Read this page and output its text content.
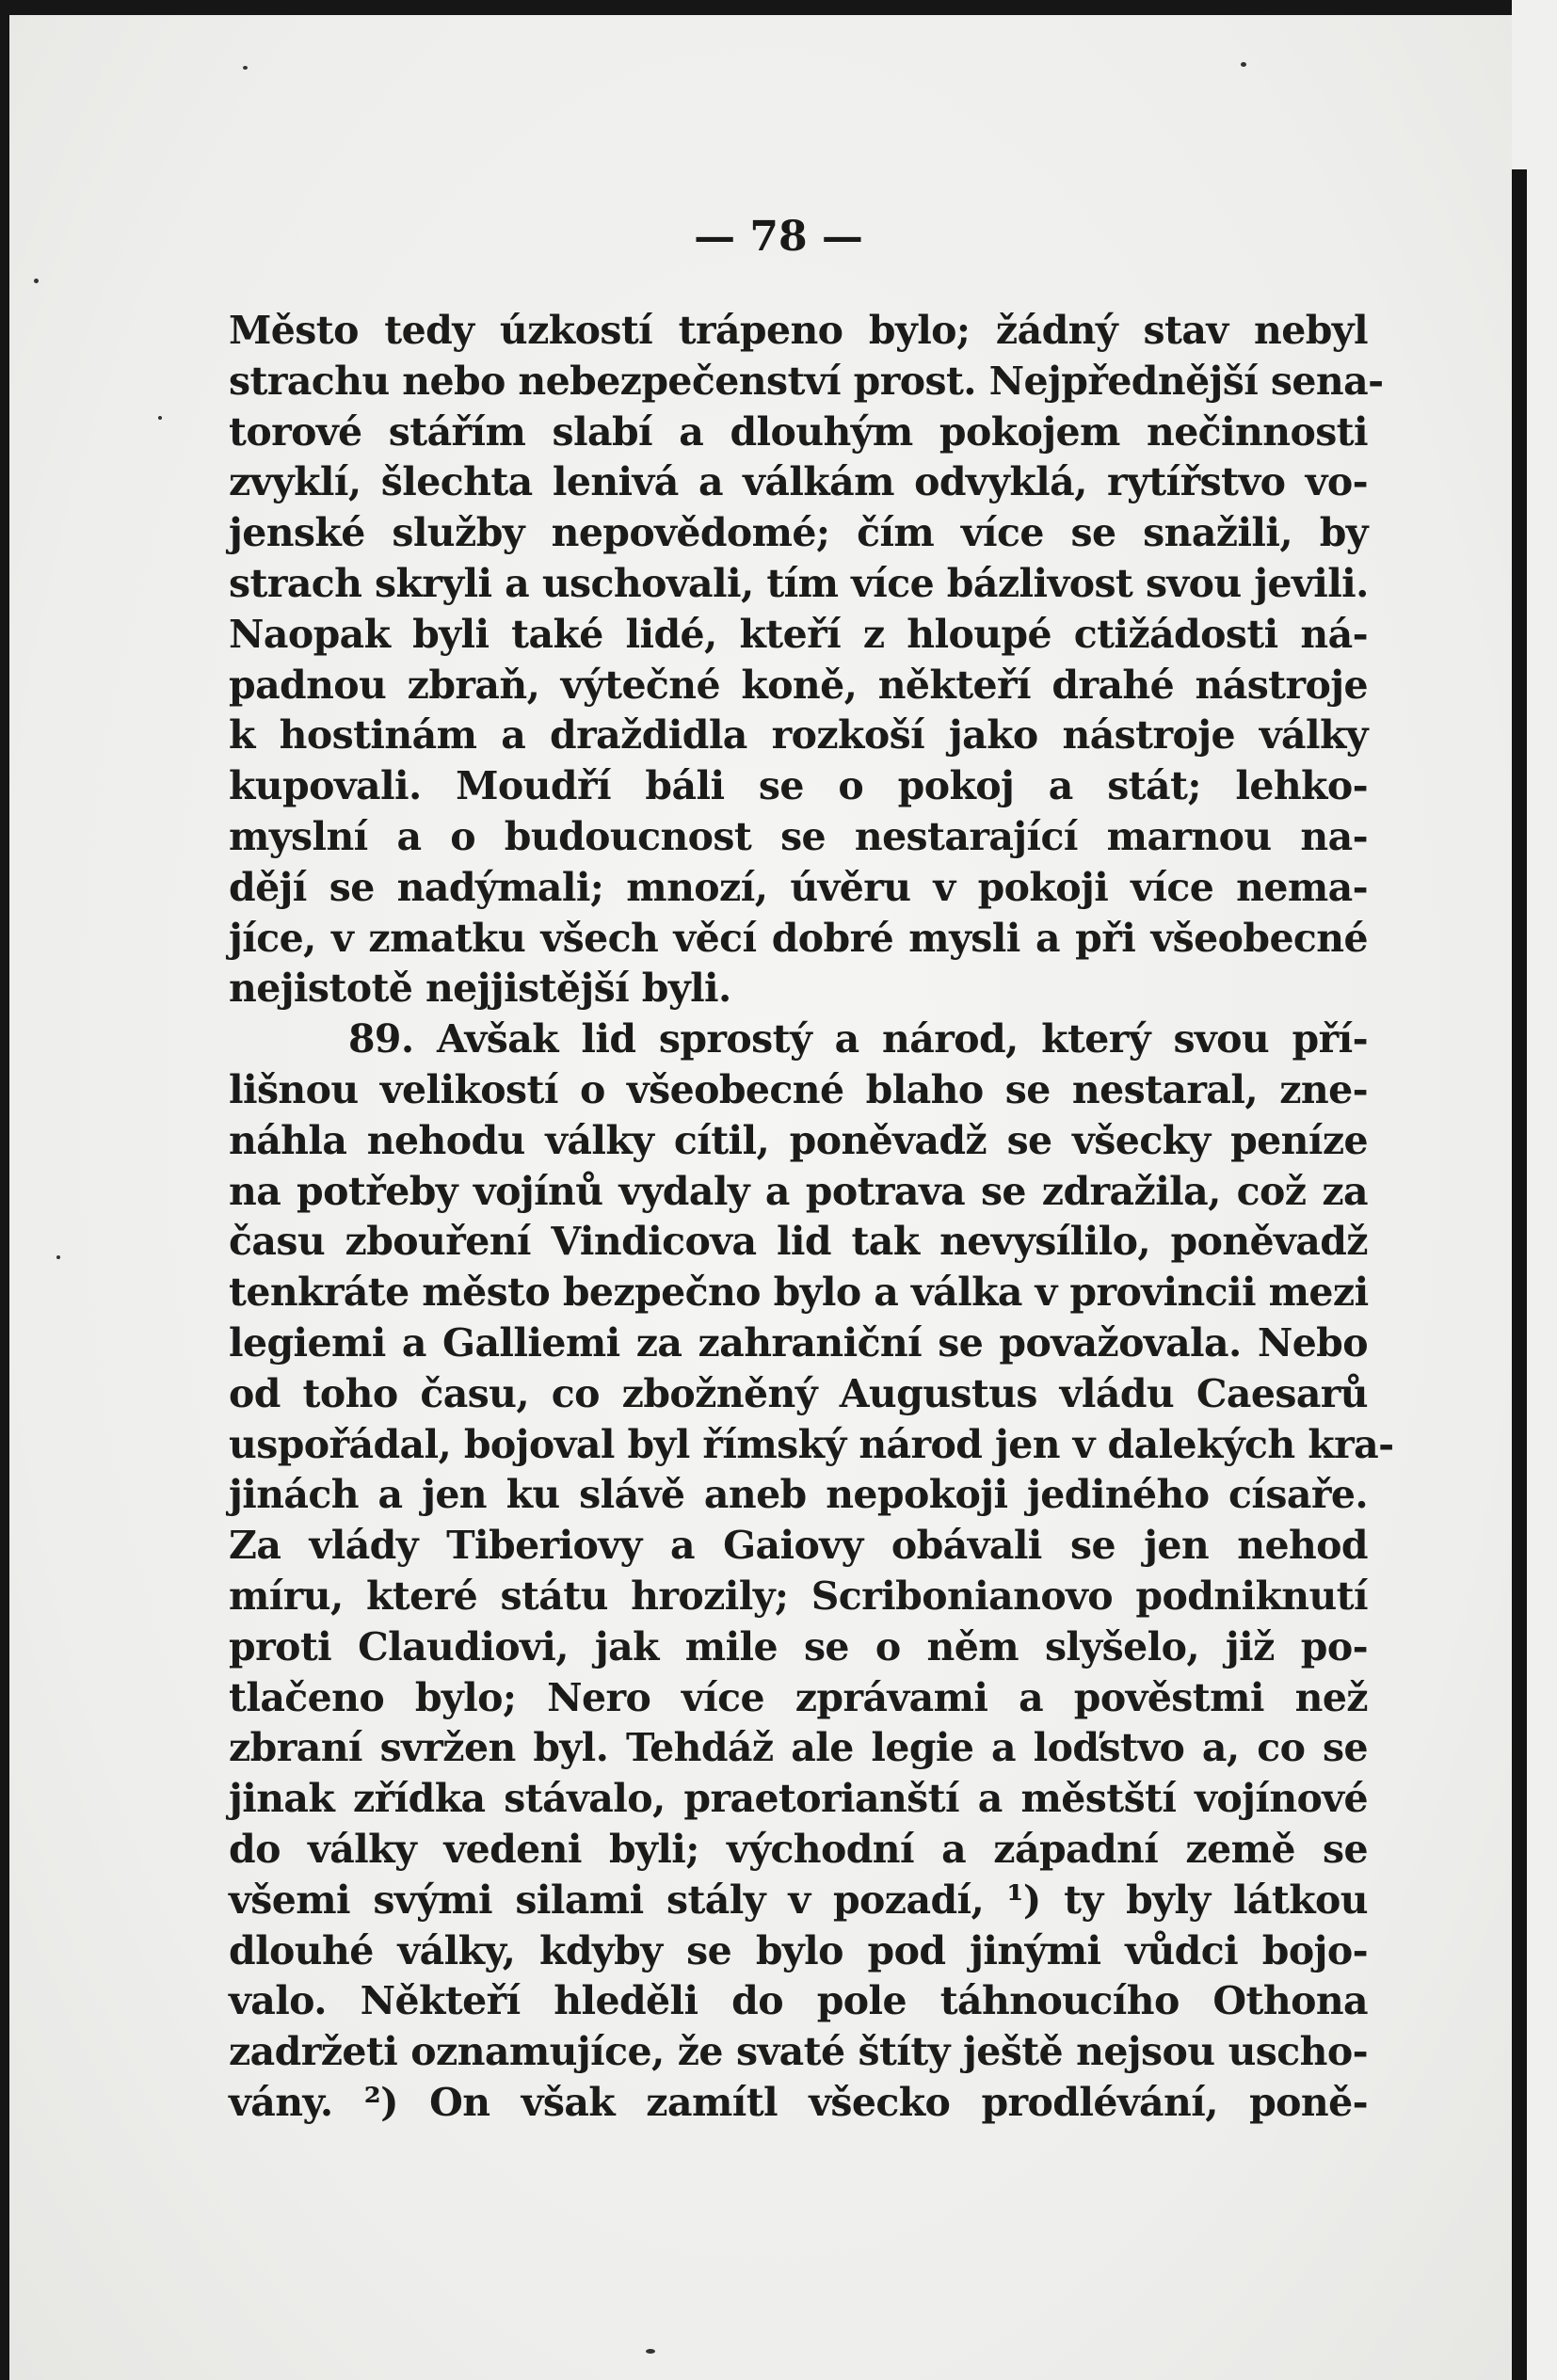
— 78 —
Město tedy úzkostí trápeno bylo; žádný stav nebyl
strachu nebo nebezpečenství prost. Nejpřednější sena-
torové stářím slabí a dlouhým pokojem nečinnosti
zvyklí, šlechta lenivá a válkám odvyklá, rytířstvo vo-
jenské služby nepovědomé; čím více se snažili, by
strach skryli a uschovali, tím více bázlivost svou jevili.
Naopak byli také lidé, kteří z hloupé ctižádosti ná-
padnou zbraň, výtečné koně, někteří drahé nástroje
k hostinám a draždidla rozkoší jako nástroje války
kupovali. Moudří báli se o pokoj a stát; lehko-
myslní a o budoucnost se nestarající marnou na-
dějí se nadýmali; mnozí, úvěru v pokoji více nema-
jíce, v zmatku všech věcí dobré mysli a při všeobecné
nejistotě nejjistější byli.
89. Avšak lid sprostý a národ, který svou pří-
lišnou velikostí o všeobecné blaho se nestaral, zne-
náhla nehodu války cítil, poněvadž se všecky peníze
na potřeby vojínů vydaly a potrava se zdražila, což za
času zbouření Vindicova lid tak nevysílilo, poněvadž
tenkráte město bezpečno bylo a válka v provincii mezi
legiemi a Galliemi za zahraniční se považovala. Nebo
od toho času, co zbožněný Augustus vládu Caesarů
uspořádal, bojoval byl římský národ jen v dalekých kra-
jinách a jen ku slávě aneb nepokoji jediného císaře.
Za vlády Tiberiovy a Gaiovy obávali se jen nehod
míru, které státu hrozily; Scribonianovo podniknutí
proti Claudiovi, jak mile se o něm slyšelo, již po-
tlačeno bylo; Nero více zprávami a pověstmi než
zbraní svržen byl. Tehdáž ale legie a loďstvo a, co se
jinak zřídka stávalo, praetorianští a městští vojínové
do války vedeni byli; východní a západní země se
všemi svými silami stály v pozadí, ¹) ty byly látkou
dlouhé války, kdyby se bylo pod jinými vůdci bojo-
valo. Někteří hleděli do pole táhnoucího Othona
zadržeti oznamujíce, že svaté štíty ještě nejsou uscho-
vány. ²) On však zamítl všecko prodlévání, poně-
